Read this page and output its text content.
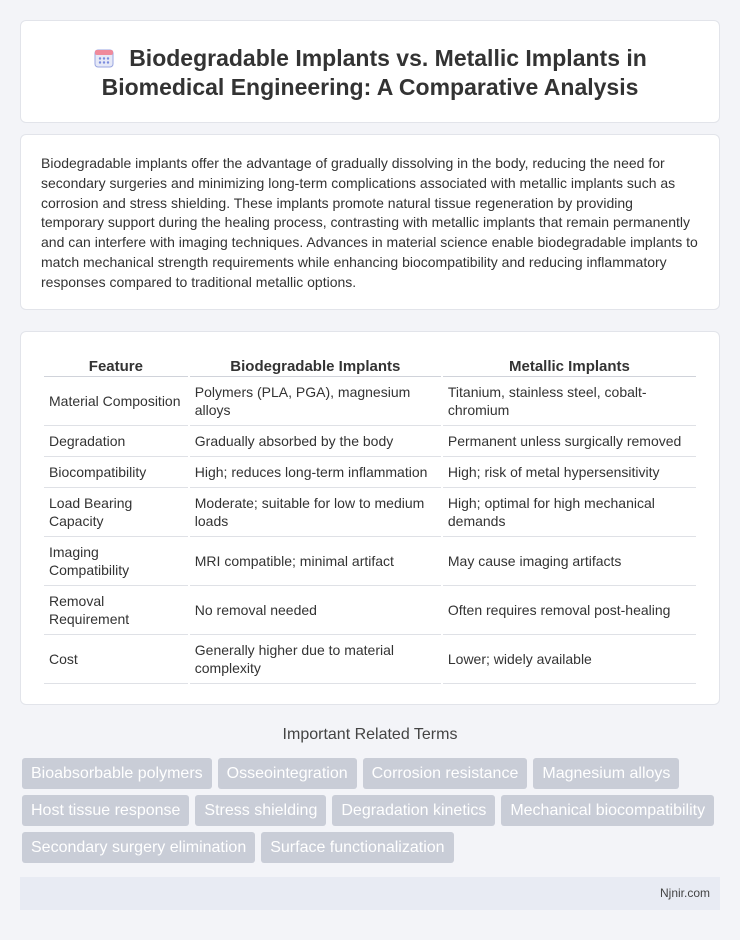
Biodegradable Implants vs. Metallic Implants in
Biomedical Engineering: A Comparative Analysis

Biodegradable implants offer the advantage of gradually dissolving in the body, reducing the need for secondary surgeries and minimizing long-term complications associated with metallic implants such as corrosion and stress shielding. These implants promote natural tissue regeneration by providing temporary support during the healing process, contrasting with metallic implants that remain permanently and can interfere with imaging techniques. Advances in material science enable biodegradable implants to match mechanical strength requirements while enhancing biocompatibility and reducing inflammatory responses compared to traditional metallic options.

Feature	Biodegradable Implants	Metallic Implants
Material Composition	Polymers (PLA, PGA), magnesium alloys	Titanium, stainless steel, cobalt-chromium
Degradation	Gradually absorbed by the body	Permanent unless surgically removed
Biocompatibility	High; reduces long-term inflammation	High; risk of metal hypersensitivity
Load Bearing Capacity	Moderate; suitable for low to medium loads	High; optimal for high mechanical demands
Imaging Compatibility	MRI compatible; minimal artifact	May cause imaging artifacts
Removal Requirement	No removal needed	Often requires removal post-healing
Cost	Generally higher due to material complexity	Lower; widely available
Important Related Terms
Bioabsorbable polymers	Osseointegration	Corrosion resistance	Magnesium alloys
Host tissue response	Stress shielding	Degradation kinetics	Mechanical biocompatibility
Secondary surgery elimination	Surface functionalization
Njnir.com
